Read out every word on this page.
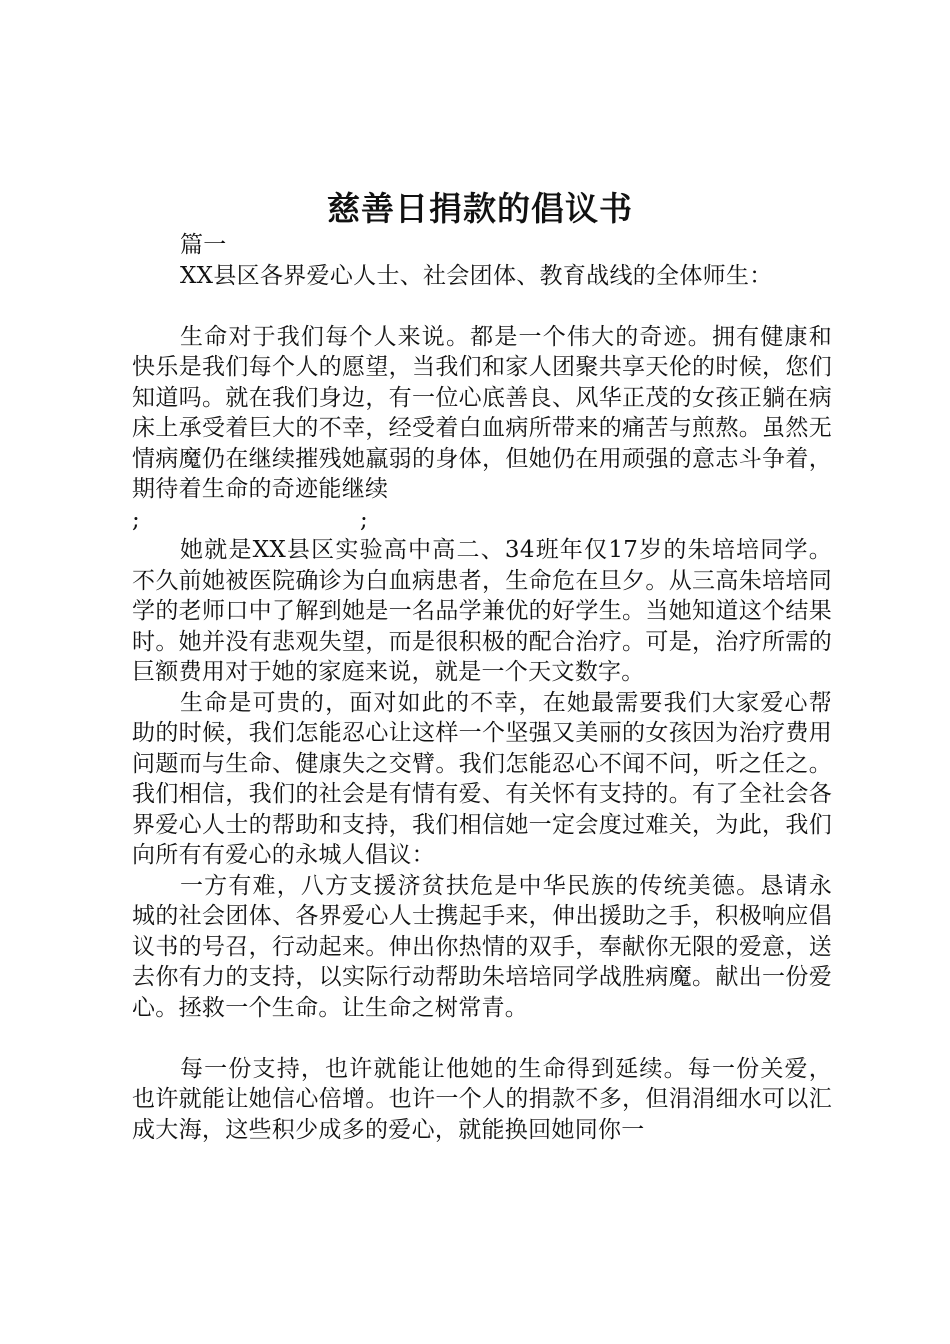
慈善日捐款的倡议书
篇一
XX县区各界爱心人士、社会团体、教育战线的全体师生：
生命对于我们每个人来说。都是一个伟大的奇迹。拥有健康和快乐是我们每个人的愿望，当我们和家人团聚共享天伦的时候，您们知道吗。就在我们身边，有一位心底善良、风华正茂的女孩正躺在病床上承受着巨大的不幸，经受着白血病所带来的痛苦与煎熬。虽然无情病魔仍在继续摧残她羸弱的身体，但她仍在用顽强的意志斗争着，期待着生命的奇迹能继续
;	;
她就是XX县区实验高中高二、34班年仅17岁的朱培培同学。不久前她被医院确诊为白血病患者，生命危在旦夕。从三高朱培培同学的老师口中了解到她是一名品学兼优的好学生。当她知道这个结果时。她并没有悲观失望，而是很积极的配合治疗。可是，治疗所需的巨额费用对于她的家庭来说，就是一个天文数字。
生命是可贵的，面对如此的不幸，在她最需要我们大家爱心帮助的时候，我们怎能忍心让这样一个坚强又美丽的女孩因为治疗费用问题而与生命、健康失之交臂。我们怎能忍心不闻不问，听之任之。我们相信，我们的社会是有情有爱、有关怀有支持的。有了全社会各界爱心人士的帮助和支持，我们相信她一定会度过难关，为此，我们向所有有爱心的永城人倡议：
一方有难，八方支援济贫扶危是中华民族的传统美德。恳请永城的社会团体、各界爱心人士携起手来，伸出援助之手，积极响应倡议书的号召，行动起来。伸出你热情的双手，奉献你无限的爱意，送去你有力的支持，以实际行动帮助朱培培同学战胜病魔。献出一份爱心。拯救一个生命。让生命之树常青。
每一份支持，也许就能让他她的生命得到延续。每一份关爱，也许就能让她信心倍增。也许一个人的捐款不多，但涓涓细水可以汇成大海，这些积少成多的爱心，就能换回她同你一
